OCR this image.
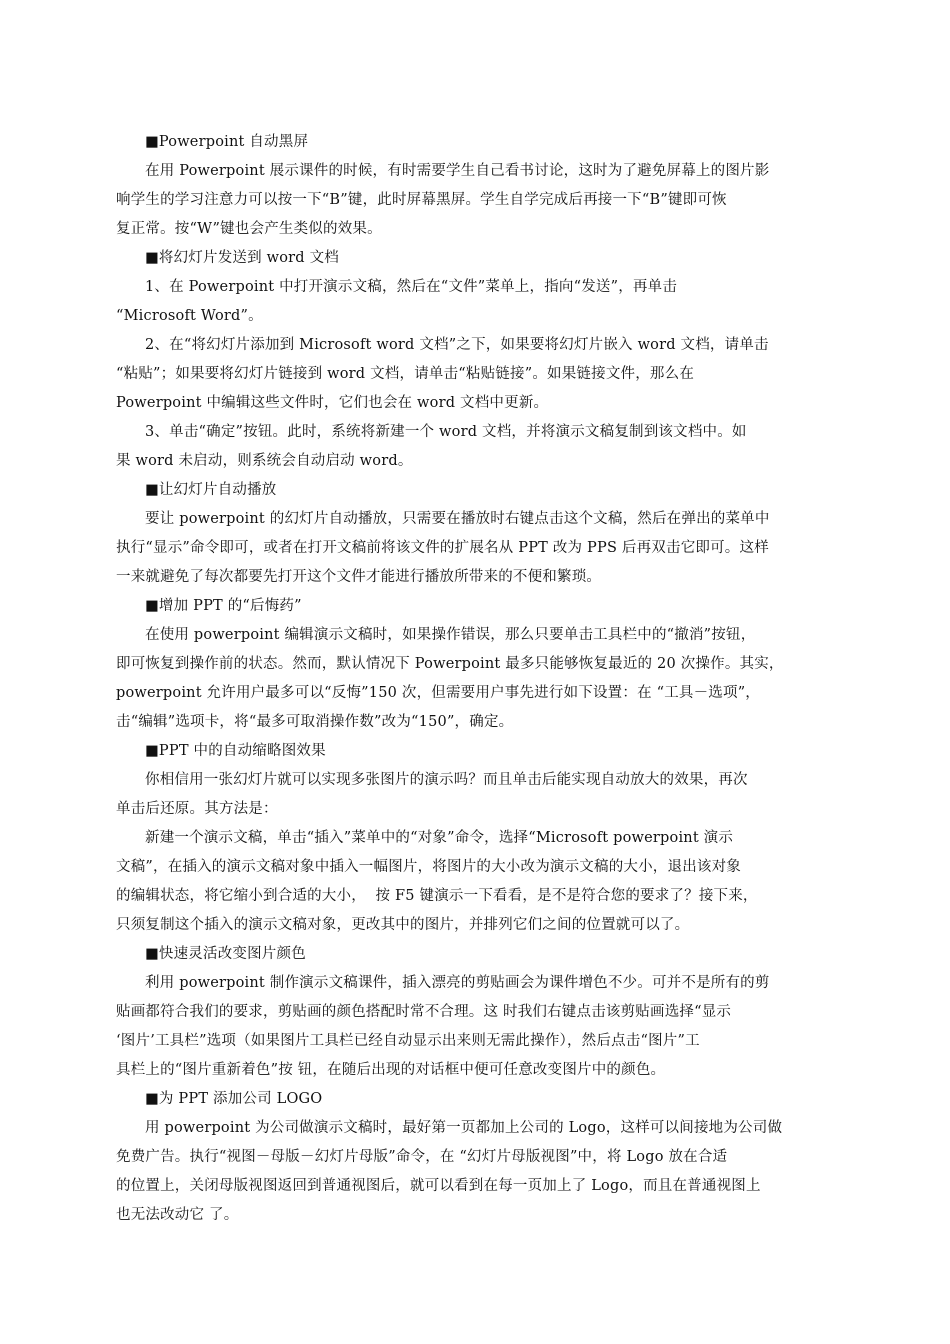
■Powerpoint 自动黑屏
在用 Powerpoint 展示课件的时候，有时需要学生自己看书讨论，这时为了避免屏幕上的图片影
响学生的学习注意力可以按一下“B”键，此时屏幕黑屏。学生自学完成后再接一下“B”键即可恢
复正常。按“W”键也会产生类似的效果。
■将幻灯片发送到 word 文档
1、在 Powerpoint 中打开演示文稿，然后在“文件”菜单上，指向“发送”，再单击
“Microsoft Word”。
2、在“将幻灯片添加到 Microsoft word 文档”之下，如果要将幻灯片嵌入 word 文档，请单击
“粘贴”；如果要将幻灯片链接到 word 文档，请单击“粘贴链接”。如果链接文件，那么在
Powerpoint 中编辑这些文件时，它们也会在 word 文档中更新。
3、单击“确定”按钮。此时，系统将新建一个 word 文档，并将演示文稿复制到该文档中。如
果 word 未启动，则系统会自动启动 word。
■让幻灯片自动播放
要让 powerpoint 的幻灯片自动播放，只需要在播放时右键点击这个文稿，然后在弹出的菜单中
执行“显示”命令即可，或者在打开文稿前将该文件的扩展名从 PPT 改为 PPS 后再双击它即可。这样
一来就避免了每次都要先打开这个文件才能进行播放所带来的不便和繁琐。
■增加 PPT 的“后悔药”
在使用 powerpoint 编辑演示文稿时，如果操作错误，那么只要单击工具栏中的“撤消”按钮，
即可恢复到操作前的状态。然而，默认情况下 Powerpoint 最多只能够恢复最近的 20 次操作。其实，
powerpoint 允许用户最多可以“反悔”150 次，但需要用户事先进行如下设置：在 “工具－选项”，
击“编辑”选项卡，将“最多可取消操作数”改为“150”，确定。
■PPT 中的自动缩略图效果
你相信用一张幻灯片就可以实现多张图片的演示吗？而且单击后能实现自动放大的效果，再次
单击后还原。其方法是：
新建一个演示文稿，单击“插入”菜单中的“对象”命令，选择“Microsoft powerpoint 演示
文稿”，在插入的演示文稿对象中插入一幅图片，将图片的大小改为演示文稿的大小，退出该对象
的编辑状态，将它缩小到合适的大小，  按 F5 键演示一下看看，是不是符合您的要求了？接下来，
只须复制这个插入的演示文稿对象，更改其中的图片，并排列它们之间的位置就可以了。
■快速灵活改变图片颜色
利用 powerpoint 制作演示文稿课件，插入漂亮的剪贴画会为课件增色不少。可并不是所有的剪
贴画都符合我们的要求，剪贴画的颜色搭配时常不合理。这 时我们右键点击该剪贴画选择“显示
‘图片’工具栏”选项（如果图片工具栏已经自动显示出来则无需此操作），然后点击“图片”工
具栏上的“图片重新着色”按 钮，在随后出现的对话框中便可任意改变图片中的颜色。
■为 PPT 添加公司 LOGO
用 powerpoint 为公司做演示文稿时，最好第一页都加上公司的 Logo，这样可以间接地为公司做
免费广告。执行“视图－母版－幻灯片母版”命令，在 “幻灯片母版视图”中，将 Logo 放在合适
的位置上，关闭母版视图返回到普通视图后，就可以看到在每一页加上了 Logo，而且在普通视图上
也无法改动它 了。
